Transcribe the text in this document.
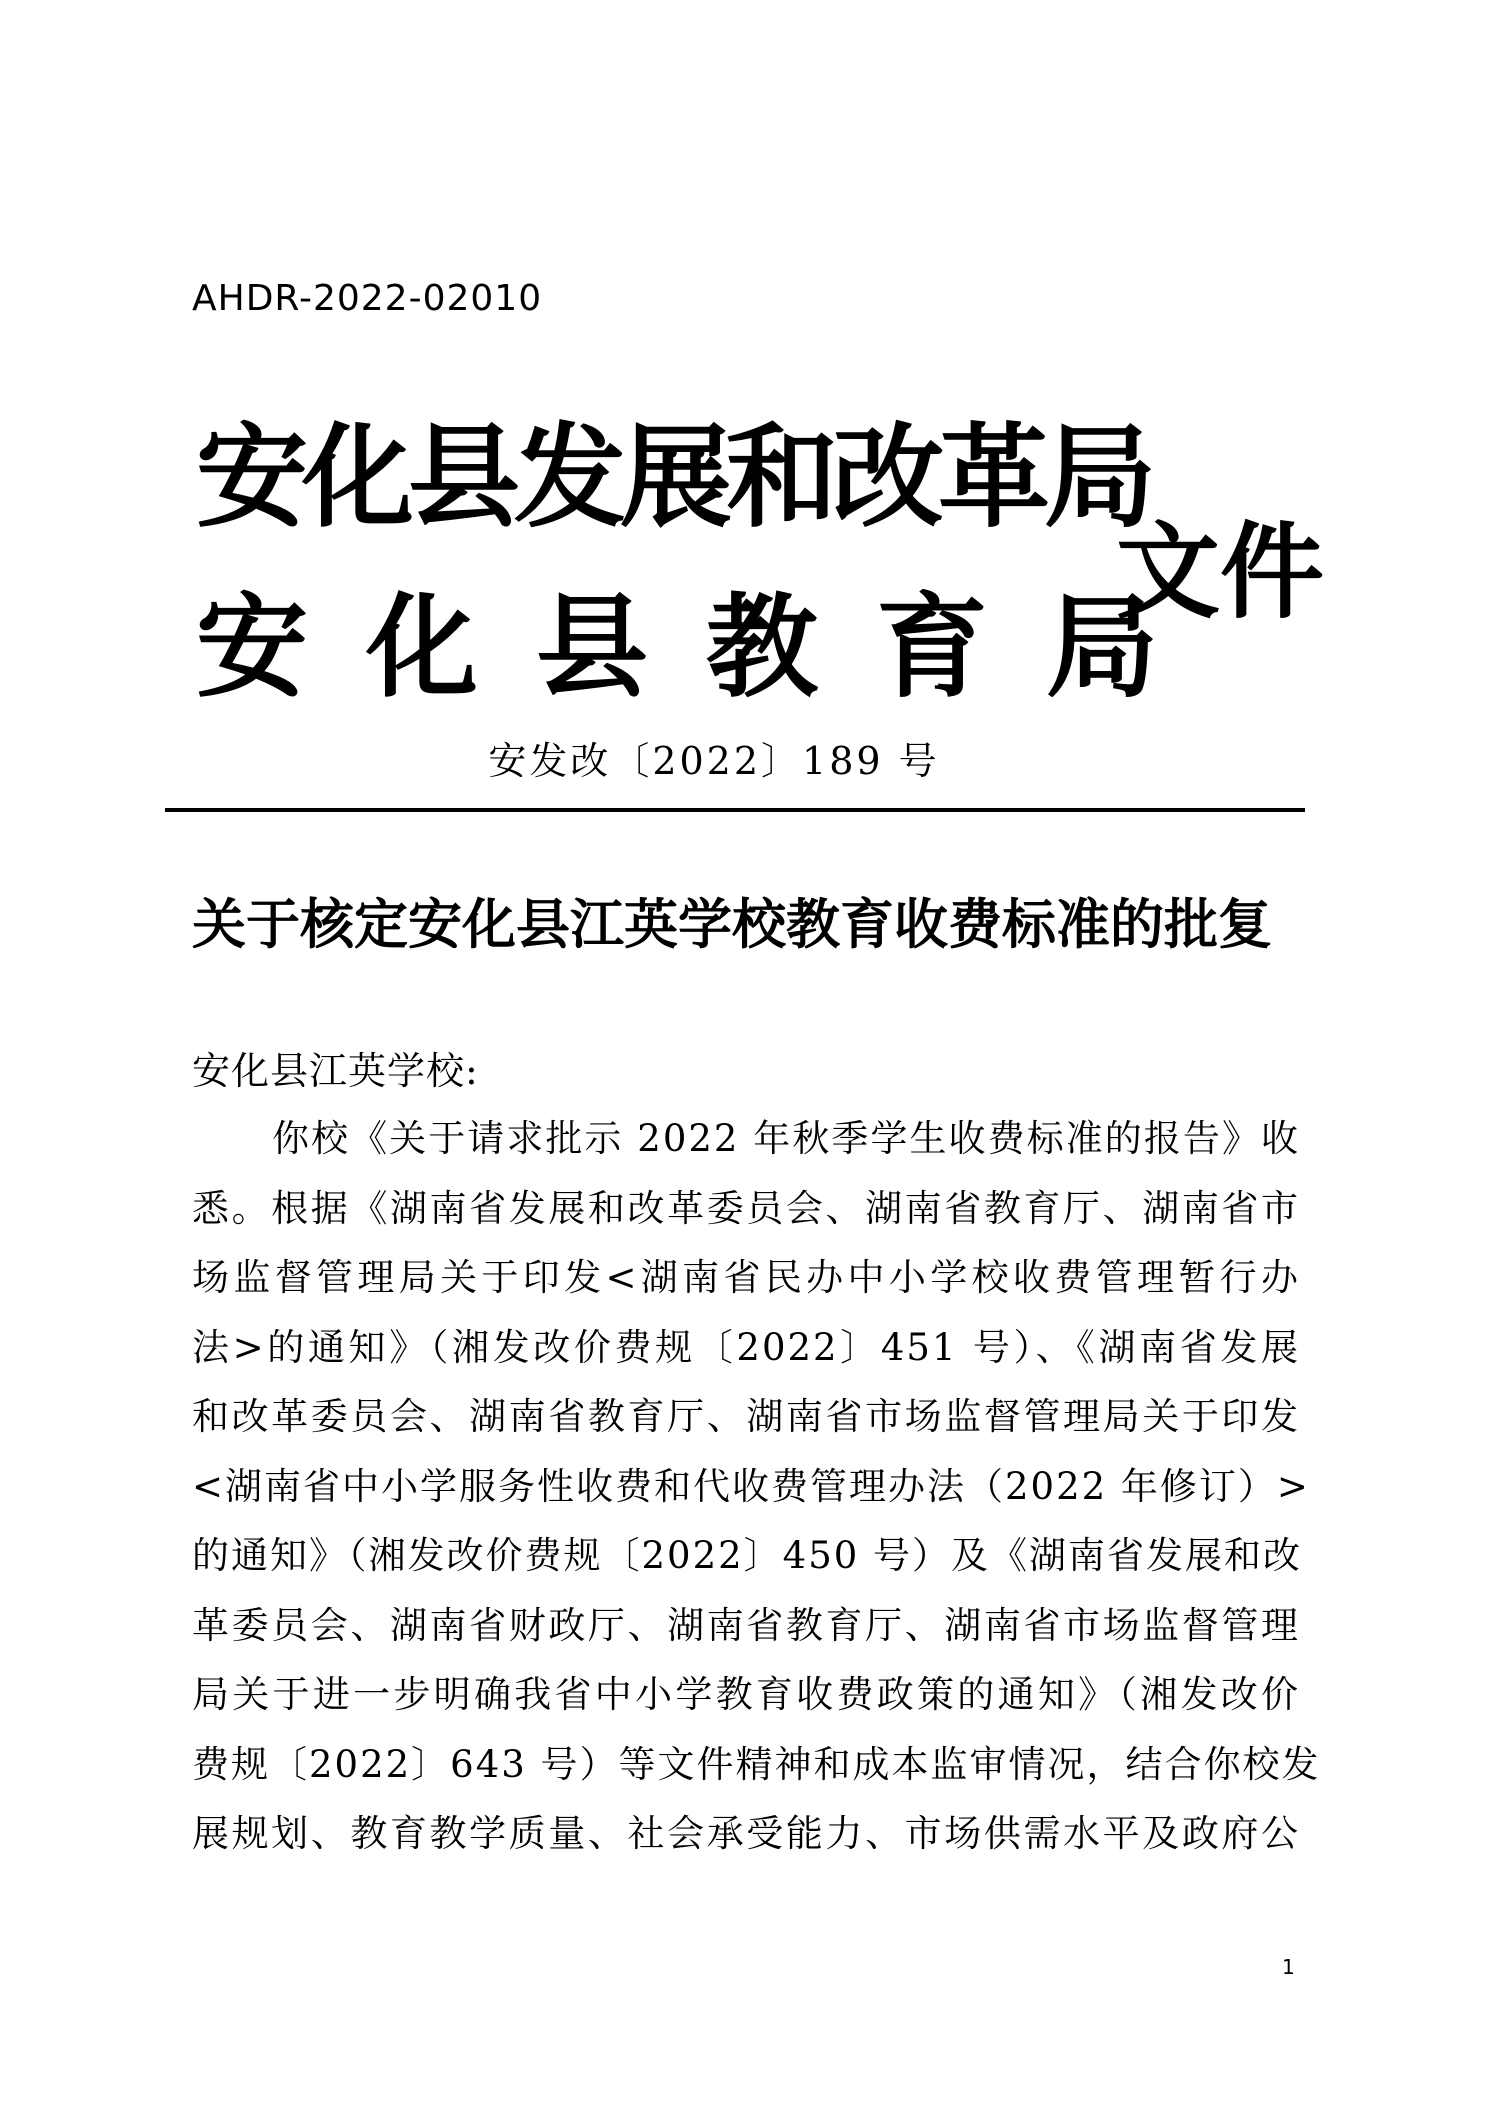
AHDR-2022-02010
安化县发展和改革局
安化县教育局
文件
安发改〔2022〕189 号
关于核定安化县江英学校教育收费标准的批复
安化县江英学校:
你校《关于请求批示 2022 年秋季学生收费标准的报告》收
悉。根据《湖南省发展和改革委员会、湖南省教育厅、湖南省市
场监督管理局关于印发<湖南省民办中小学校收费管理暂行办
法>的通知》（湘发改价费规〔2022〕451 号）、《湖南省发展
和改革委员会、湖南省教育厅、湖南省市场监督管理局关于印发
<湖南省中小学服务性收费和代收费管理办法（2022 年修订）>
的通知》（湘发改价费规〔2022〕450 号）及《湖南省发展和改
革委员会、湖南省财政厅、湖南省教育厅、湖南省市场监督管理
局关于进一步明确我省中小学教育收费政策的通知》（湘发改价
费规〔2022〕643 号）等文件精神和成本监审情况，结合你校发
展规划、教育教学质量、社会承受能力、市场供需水平及政府公
1
